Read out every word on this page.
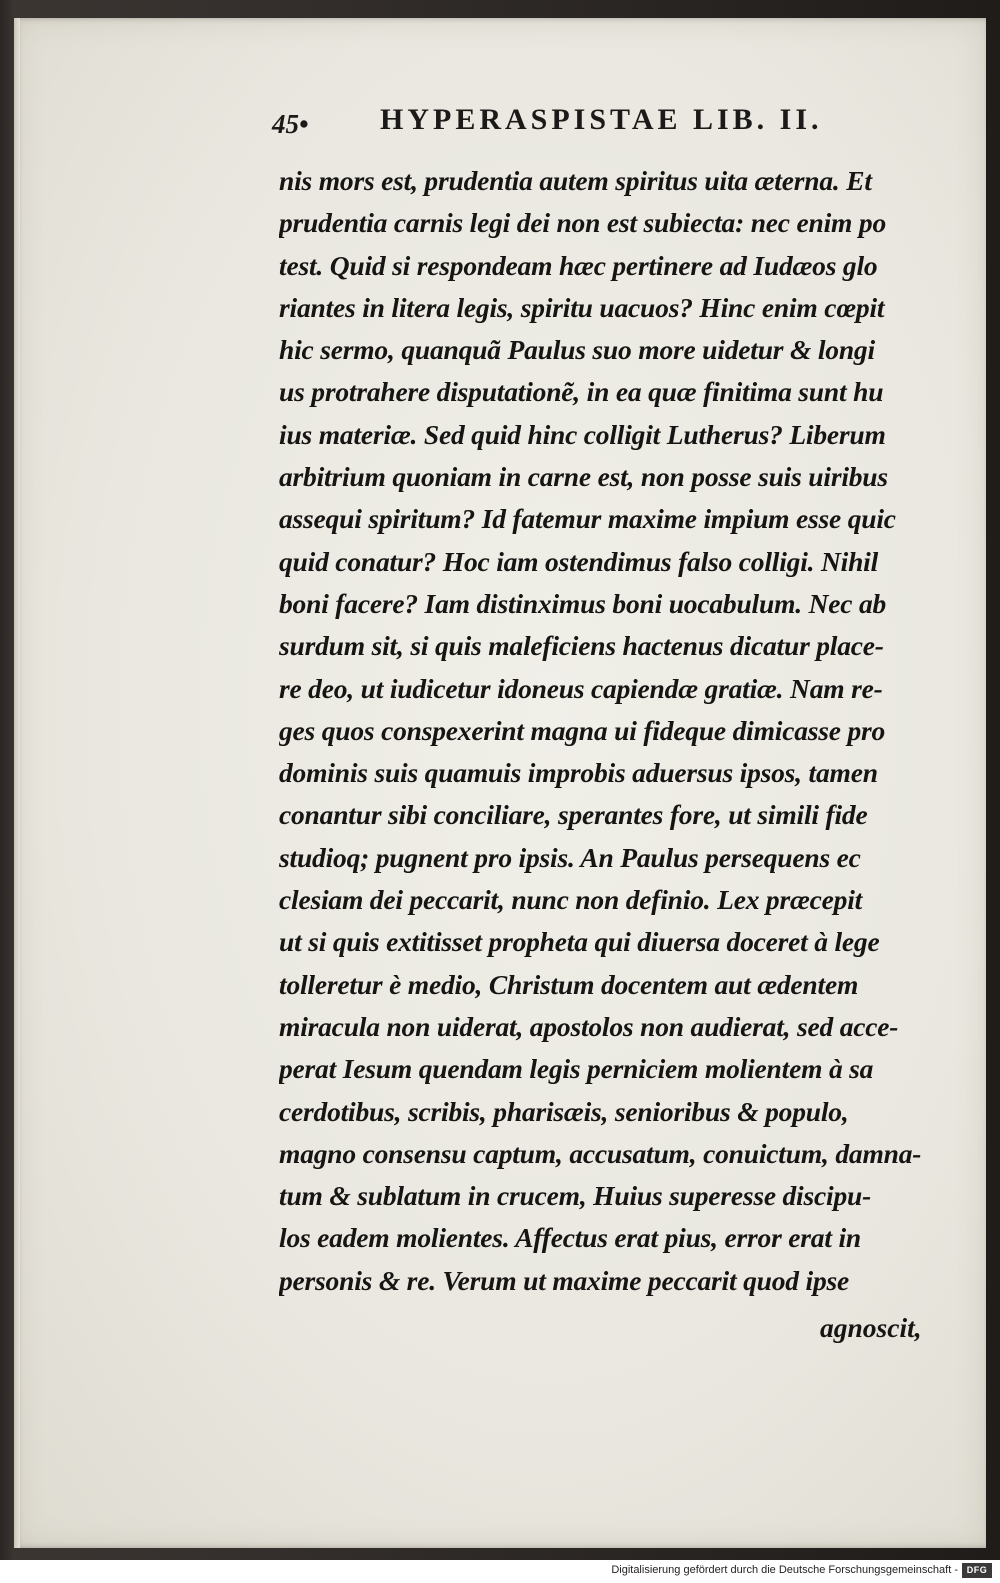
45• HYPERASPISTAE LIB. II.
nis mors est, prudentia autem spiritus uita æterna. Et
prudentia carnis legi dei non est subiecta: nec enim po
test. Quid si respondeam hæc pertinere ad Iudæos glo
riantes in litera legis, spiritu uacuos? Hinc enim cœpit
hic sermo, quanquã Paulus suo more uidetur & longi
us protrahere disputationẽ, in ea quæ finitima sunt hu
ius materiæ. Sed quid hinc colligit Lutherus? Liberum
arbitrium quoniam in carne est, non posse suis uiribus
assequi spiritum? Id fatemur maxime impium esse quic
quid conatur? Hoc iam ostendimus falso colligi. Nihil
boni facere? Iam distinximus boni uocabulum. Nec ab
surdum sit, si quis maleficiens hactenus dicatur place-
re deo, ut iudicetur idoneus capiendæ gratiæ. Nam re-
ges quos conspexerint magna ui fideque dimicasse pro
dominis suis quamuis improbis aduersus ipsos, tamen
conantur sibi conciliare, sperantes fore, ut simili fide
studioq; pugnent pro ipsis. An Paulus persequens ec
clesiam dei peccarit, nunc non definio. Lex præcepit
ut si quis extitisset propheta qui diuersa doceret à lege
tolleretur è medio, Christum docentem aut ædentem
miracula non uiderat, apostolos non audierat, sed acce-
perat Iesum quendam legis perniciem molientem à sa
cerdotibus, scribis, pharisæis, senioribus & populo,
magno consensu captum, accusatum, conuictum, damna-
tum & sublatum in crucem, Huius superesse discipu-
los eadem molientes. Affectus erat pius, error erat in
personis & re. Verum ut maxime peccarit quod ipse
agnoscit,
Digitalisierung gefördert durch die Deutsche Forschungsgemeinschaft - DFG
